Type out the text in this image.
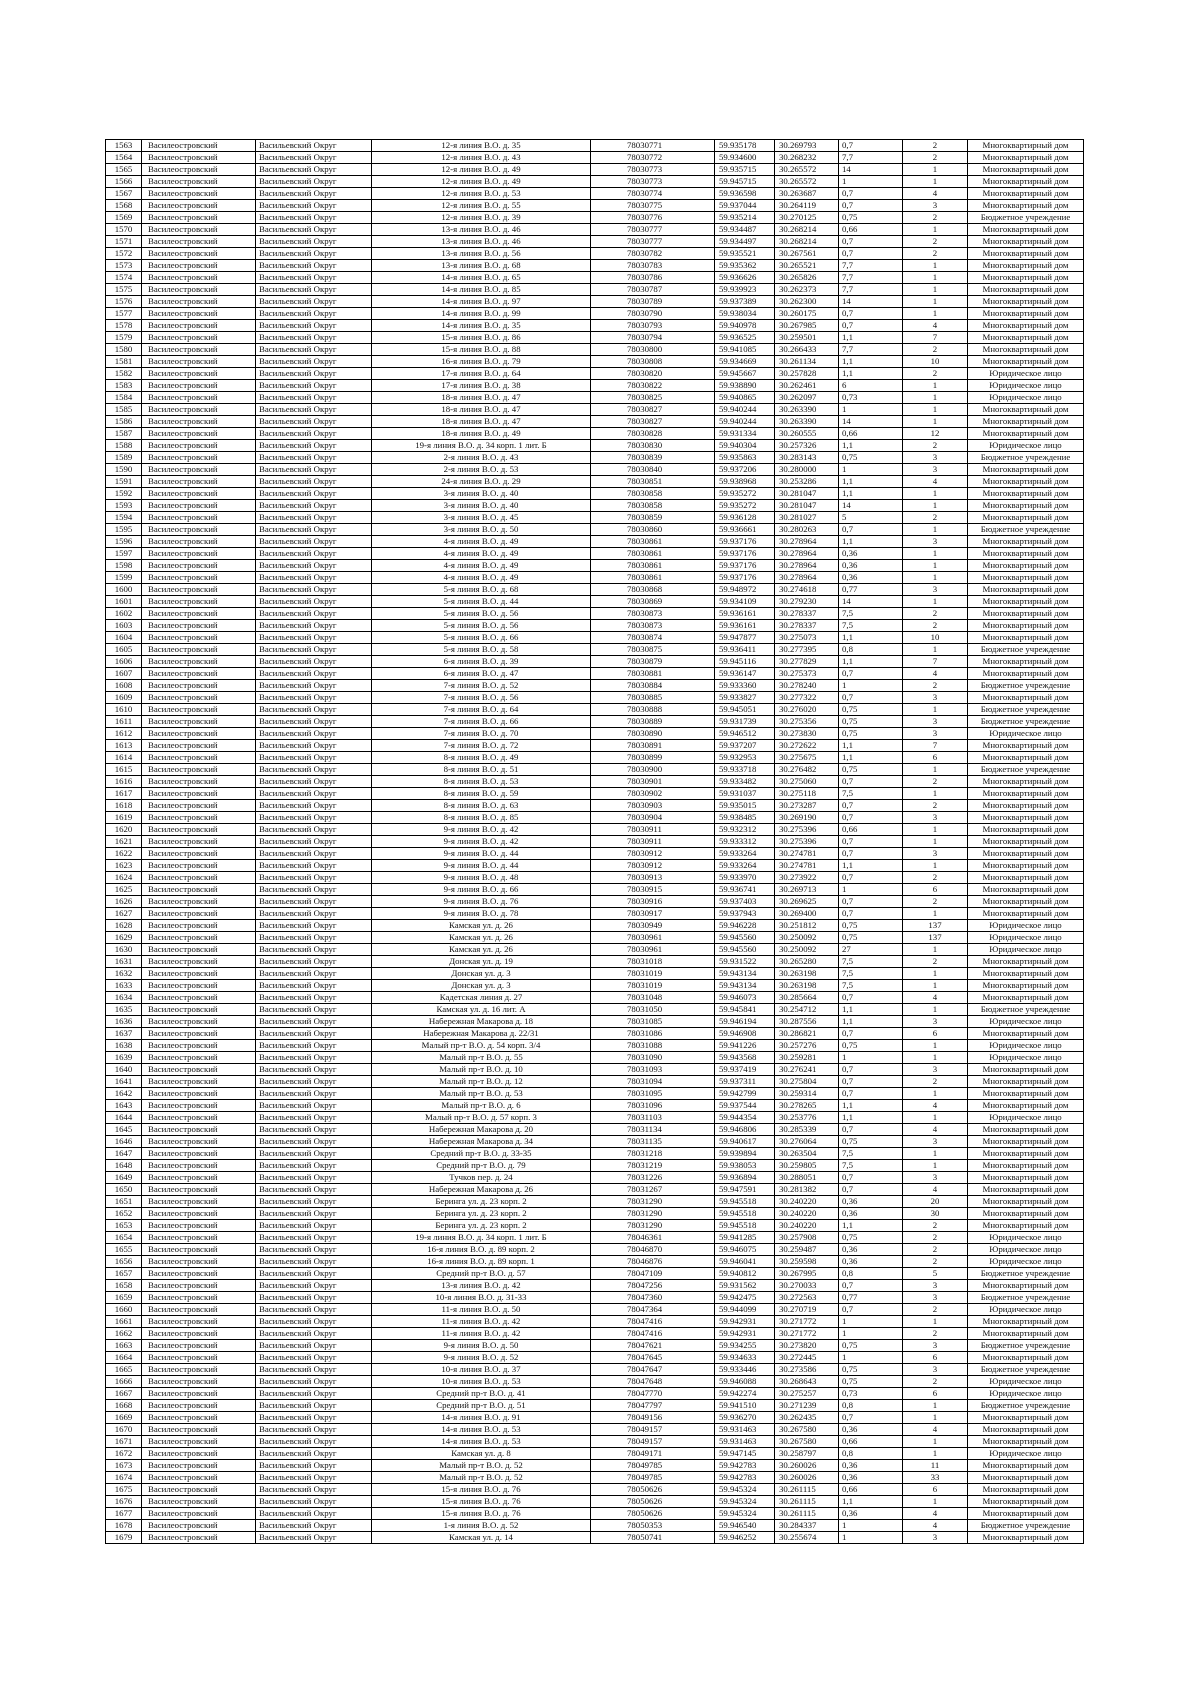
1563	Василеостровский	Васильевский Округ	12-я линия В.О. д. 35	78030771	59.935178	30.269793	0,7	2	Многоквартирный дом
1564	Василеостровский	Васильевский Округ	12-я линия В.О. д. 43	78030772	59.934600	30.268232	7,7	2	Многоквартирный дом
1565	Василеостровский	Васильевский Округ	12-я линия В.О. д. 49	78030773	59.935715	30.265572	14	1	Многоквартирный дом
1566	Василеостровский	Васильевский Округ	12-я линия В.О. д. 49	78030773	59.945715	30.265572	1	1	Многоквартирный дом
1567	Василеостровский	Васильевский Округ	12-я линия В.О. д. 53	78030774	59.936598	30.263687	0,7	4	Многоквартирный дом
1568	Василеостровский	Васильевский Округ	12-я линия В.О. д. 55	78030775	59.937044	30.264119	0,7	3	Многоквартирный дом
1569	Василеостровский	Васильевский Округ	12-я линия В.О. д. 39	78030776	59.935214	30.270125	0,75	2	Бюджетное учреждение
1570	Василеостровский	Васильевский Округ	13-я линия В.О. д. 46	78030777	59.934487	30.268214	0,66	1	Многоквартирный дом
1571	Василеостровский	Васильевский Округ	13-я линия В.О. д. 46	78030777	59.934497	30.268214	0,7	2	Многоквартирный дом
1572	Василеостровский	Васильевский Округ	13-я линия В.О. д. 56	78030782	59.935521	30.267561	0,7	2	Многоквартирный дом
1573	Василеостровский	Васильевский Округ	13-я линия В.О. д. 68	78030783	59.935362	30.265521	7,7	1	Многоквартирный дом
1574	Василеостровский	Васильевский Округ	14-я линия В.О. д. 65	78030786	59.936626	30.265826	7,7	1	Многоквартирный дом
1575	Василеостровский	Васильевский Округ	14-я линия В.О. д. 85	78030787	59.939923	30.262373	7,7	1	Многоквартирный дом
1576	Василеостровский	Васильевский Округ	14-я линия В.О. д. 97	78030789	59.937389	30.262300	14	1	Многоквартирный дом
1577	Василеостровский	Васильевский Округ	14-я линия В.О. д. 99	78030790	59.938034	30.260175	0,7	1	Многоквартирный дом
1578	Василеостровский	Васильевский Округ	14-я линия В.О. д. 35	78030793	59.940978	30.267985	0,7	4	Многоквартирный дом
1579	Василеостровский	Васильевский Округ	15-я линия В.О. д. 86	78030794	59.936525	30.259501	1,1	7	Многоквартирный дом
1580	Василеостровский	Васильевский Округ	15-я линия В.О. д. 88	78030800	59.941085	30.266433	7,7	2	Многоквартирный дом
1581	Василеостровский	Васильевский Округ	16-я линия В.О. д. 79	78030808	59.934669	30.261134	1,1	10	Многоквартирный дом
1582	Василеостровский	Васильевский Округ	17-я линия В.О. д. 64	78030820	59.945667	30.257828	1,1	2	Юридическое лицо
1583	Василеостровский	Васильевский Округ	17-я линия В.О. д. 38	78030822	59.938890	30.262461	6	1	Юридическое лицо
1584	Василеостровский	Васильевский Округ	18-я линия В.О. д. 47	78030825	59.940865	30.262097	0,73	1	Юридическое лицо
1585	Василеостровский	Васильевский Округ	18-я линия В.О. д. 47	78030827	59.940244	30.263390	1	1	Многоквартирный дом
1586	Василеостровский	Васильевский Округ	18-я линия В.О. д. 47	78030827	59.940244	30.263390	14	1	Многоквартирный дом
1587	Василеостровский	Васильевский Округ	18-я линия В.О. д. 49	78030828	59.931334	30.260555	0,66	12	Многоквартирный дом
1588	Василеостровский	Васильевский Округ	19-я линия В.О. д. 34 корп. 1 лит. Б	78030830	59.940304	30.257326	1,1	2	Юридическое лицо
1589	Василеостровский	Васильевский Округ	2-я линия В.О. д. 43	78030839	59.935863	30.283143	0,75	3	Бюджетное учреждение
1590	Василеостровский	Васильевский Округ	2-я линия В.О. д. 53	78030840	59.937206	30.280000	1	3	Многоквартирный дом
1591	Василеостровский	Васильевский Округ	24-я линия В.О. д. 29	78030851	59.938968	30.253286	1,1	4	Многоквартирный дом
1592	Василеостровский	Васильевский Округ	3-я линия В.О. д. 40	78030858	59.935272	30.281047	1,1	1	Многоквартирный дом
1593	Василеостровский	Васильевский Округ	3-я линия В.О. д. 40	78030858	59.935272	30.281047	14	1	Многоквартирный дом
1594	Василеостровский	Васильевский Округ	3-я линия В.О. д. 45	78030859	59.936128	30.281027	5	2	Многоквартирный дом
1595	Василеостровский	Васильевский Округ	3-я линия В.О. д. 50	78030860	59.936661	30.280263	0,7	1	Бюджетное учреждение
1596	Василеостровский	Васильевский Округ	4-я линия В.О. д. 49	78030861	59.937176	30.278964	1,1	3	Многоквартирный дом
1597	Василеостровский	Васильевский Округ	4-я линия В.О. д. 49	78030861	59.937176	30.278964	0,36	1	Многоквартирный дом
1598	Василеостровский	Васильевский Округ	4-я линия В.О. д. 49	78030861	59.937176	30.278964	0,36	1	Многоквартирный дом
1599	Василеостровский	Васильевский Округ	4-я линия В.О. д. 49	78030861	59.937176	30.278964	0,36	1	Многоквартирный дом
1600	Василеостровский	Васильевский Округ	5-я линия В.О. д. 68	78030868	59.948972	30.274618	0,77	3	Многоквартирный дом
1601	Василеостровский	Васильевский Округ	5-я линия В.О. д. 44	78030869	59.934109	30.279230	14	1	Многоквартирный дом
1602	Василеостровский	Васильевский Округ	5-я линия В.О. д. 56	78030873	59.936161	30.278337	7,5	2	Многоквартирный дом
1603	Василеостровский	Васильевский Округ	5-я линия В.О. д. 56	78030873	59.936161	30.278337	7,5	2	Многоквартирный дом
1604	Василеостровский	Васильевский Округ	5-я линия В.О. д. 66	78030874	59.947877	30.275073	1,1	10	Многоквартирный дом
1605	Василеостровский	Васильевский Округ	5-я линия В.О. д. 58	78030875	59.936411	30.277395	0,8	1	Бюджетное учреждение
1606	Василеостровский	Васильевский Округ	6-я линия В.О. д. 39	78030879	59.945116	30.277829	1,1	7	Многоквартирный дом
1607	Василеостровский	Васильевский Округ	6-я линия В.О. д. 47	78030881	59.936147	30.275373	0,7	4	Многоквартирный дом
1608	Василеостровский	Васильевский Округ	7-я линия В.О. д. 52	78030884	59.933360	30.278240	1	2	Бюджетное учреждение
1609	Василеостровский	Васильевский Округ	7-я линия В.О. д. 56	78030885	59.933827	30.277322	0,7	3	Многоквартирный дом
1610	Василеостровский	Васильевский Округ	7-я линия В.О. д. 64	78030888	59.945051	30.276020	0,75	1	Бюджетное учреждение
1611	Василеостровский	Васильевский Округ	7-я линия В.О. д. 66	78030889	59.931739	30.275356	0,75	3	Бюджетное учреждение
1612	Василеостровский	Васильевский Округ	7-я линия В.О. д. 70	78030890	59.946512	30.273830	0,75	3	Юридическое лицо
1613	Василеостровский	Васильевский Округ	7-я линия В.О. д. 72	78030891	59.937207	30.272622	1,1	7	Многоквартирный дом
1614	Василеостровский	Васильевский Округ	8-я линия В.О. д. 49	78030899	59.932953	30.275675	1,1	6	Многоквартирный дом
1615	Василеостровский	Васильевский Округ	8-я линия В.О. д. 51	78030900	59.933718	30.276482	0,75	1	Бюджетное учреждение
1616	Василеостровский	Васильевский Округ	8-я линия В.О. д. 53	78030901	59.933482	30.275060	0,7	2	Многоквартирный дом
1617	Василеостровский	Васильевский Округ	8-я линия В.О. д. 59	78030902	59.931037	30.275118	7,5	1	Многоквартирный дом
1618	Василеостровский	Васильевский Округ	8-я линия В.О. д. 63	78030903	59.935015	30.273287	0,7	2	Многоквартирный дом
1619	Василеостровский	Васильевский Округ	8-я линия В.О. д. 85	78030904	59.938485	30.269190	0,7	3	Многоквартирный дом
1620	Василеостровский	Васильевский Округ	9-я линия В.О. д. 42	78030911	59.932312	30.275396	0,66	1	Многоквартирный дом
1621	Василеостровский	Васильевский Округ	9-я линия В.О. д. 42	78030911	59.933312	30.275396	0,7	1	Многоквартирный дом
1622	Василеостровский	Васильевский Округ	9-я линия В.О. д. 44	78030912	59.933264	30.274781	0,7	3	Многоквартирный дом
1623	Василеостровский	Васильевский Округ	9-я линия В.О. д. 44	78030912	59.933264	30.274781	1,1	1	Многоквартирный дом
1624	Василеостровский	Васильевский Округ	9-я линия В.О. д. 48	78030913	59.933970	30.273922	0,7	2	Многоквартирный дом
1625	Василеостровский	Васильевский Округ	9-я линия В.О. д. 66	78030915	59.936741	30.269713	1	6	Многоквартирный дом
1626	Василеостровский	Васильевский Округ	9-я линия В.О. д. 76	78030916	59.937403	30.269625	0,7	2	Многоквартирный дом
1627	Василеостровский	Васильевский Округ	9-я линия В.О. д. 78	78030917	59.937943	30.269400	0,7	1	Многоквартирный дом
1628	Василеостровский	Васильевский Округ	Камская ул. д. 26	78030949	59.946228	30.251812	0,75	137	Юридическое лицо
1629	Василеостровский	Васильевский Округ	Камская ул. д. 26	78030961	59.945560	30.250092	0,75	137	Юридическое лицо
1630	Василеостровский	Васильевский Округ	Камская ул. д. 26	78030961	59.945560	30.250092	27	1	Юридическое лицо
1631	Василеостровский	Васильевский Округ	Донская ул. д. 19	78031018	59.931522	30.265280	7,5	2	Многоквартирный дом
1632	Василеостровский	Васильевский Округ	Донская ул. д. 3	78031019	59.943134	30.263198	7,5	1	Многоквартирный дом
1633	Василеостровский	Васильевский Округ	Донская ул. д. 3	78031019	59.943134	30.263198	7,5	1	Многоквартирный дом
1634	Василеостровский	Васильевский Округ	Кадетская линия д. 27	78031048	59.946073	30.285664	0,7	4	Многоквартирный дом
1635	Василеостровский	Васильевский Округ	Камская ул. д. 16 лит. А	78031050	59.945841	30.254712	1,1	1	Бюджетное учреждение
1636	Василеостровский	Васильевский Округ	Набережная Макарова д. 18	78031085	59.946194	30.287556	1,1	3	Юридическое лицо
1637	Василеостровский	Васильевский Округ	Набережная Макарова д. 22/31	78031086	59.946908	30.286821	0,7	6	Многоквартирный дом
1638	Василеостровский	Васильевский Округ	Малый пр-т В.О. д. 54 корп. 3/4	78031088	59.941226	30.257276	0,75	1	Юридическое лицо
1639	Василеостровский	Васильевский Округ	Малый пр-т В.О. д. 55	78031090	59.943568	30.259281	1	1	Юридическое лицо
1640	Василеостровский	Васильевский Округ	Малый пр-т В.О. д. 10	78031093	59.937419	30.276241	0,7	3	Многоквартирный дом
1641	Василеостровский	Васильевский Округ	Малый пр-т В.О. д. 12	78031094	59.937311	30.275804	0,7	2	Многоквартирный дом
1642	Василеостровский	Васильевский Округ	Малый пр-т В.О. д. 53	78031095	59.942799	30.259314	0,7	1	Многоквартирный дом
1643	Василеостровский	Васильевский Округ	Малый пр-т В.О. д. 6	78031096	59.937544	30.278265	1,1	4	Многоквартирный дом
1644	Василеостровский	Васильевский Округ	Малый пр-т В.О. д. 57 корп. 3	78031103	59.944354	30.253776	1,1	1	Юридическое лицо
1645	Василеостровский	Васильевский Округ	Набережная Макарова д. 20	78031134	59.946806	30.285339	0,7	4	Многоквартирный дом
1646	Василеостровский	Васильевский Округ	Набережная Макарова д. 34	78031135	59.940617	30.276064	0,75	3	Многоквартирный дом
1647	Василеостровский	Васильевский Округ	Средний пр-т В.О. д. 33-35	78031218	59.939894	30.263504	7,5	1	Многоквартирный дом
1648	Василеостровский	Васильевский Округ	Средний пр-т В.О. д. 79	78031219	59.938053	30.259805	7,5	1	Многоквартирный дом
1649	Василеостровский	Васильевский Округ	Тучков пер. д. 24	78031226	59.936894	30.288051	0,7	3	Многоквартирный дом
1650	Василеостровский	Васильевский Округ	Набережная Макарова д. 26	78031267	59.947591	30.281382	0,7	4	Многоквартирный дом
1651	Василеостровский	Васильевский Округ	Беринга ул. д. 23 корп. 2	78031290	59.945518	30.240220	0,36	20	Многоквартирный дом
1652	Василеостровский	Васильевский Округ	Беринга ул. д. 23 корп. 2	78031290	59.945518	30.240220	0,36	30	Многоквартирный дом
1653	Василеостровский	Васильевский Округ	Беринга ул. д. 23 корп. 2	78031290	59.945518	30.240220	1,1	2	Многоквартирный дом
1654	Василеостровский	Васильевский Округ	19-я линия В.О. д. 34 корп. 1 лит. Б	78046361	59.941285	30.257908	0,75	2	Юридическое лицо
1655	Василеостровский	Васильевский Округ	16-я линия В.О. д. 89 корп. 2	78046870	59.946075	30.259487	0,36	2	Юридическое лицо
1656	Василеостровский	Васильевский Округ	16-я линия В.О. д. 89 корп. 1	78046876	59.946041	30.259598	0,36	2	Юридическое лицо
1657	Василеостровский	Васильевский Округ	Средний пр-т В.О. д. 57	78047109	59.940812	30.267995	0,8	5	Бюджетное учреждение
1658	Василеостровский	Васильевский Округ	13-я линия В.О. д. 42	78047256	59.931562	30.270033	0,7	3	Многоквартирный дом
1659	Василеостровский	Васильевский Округ	10-я линия В.О. д. 31-33	78047360	59.942475	30.272563	0,77	3	Бюджетное учреждение
1660	Василеостровский	Васильевский Округ	11-я линия В.О. д. 50	78047364	59.944099	30.270719	0,7	2	Юридическое лицо
1661	Василеостровский	Васильевский Округ	11-я линия В.О. д. 42	78047416	59.942931	30.271772	1	1	Многоквартирный дом
1662	Василеостровский	Васильевский Округ	11-я линия В.О. д. 42	78047416	59.942931	30.271772	1	2	Многоквартирный дом
1663	Василеостровский	Васильевский Округ	9-я линия В.О. д. 50	78047621	59.934255	30.273820	0,75	3	Бюджетное учреждение
1664	Василеостровский	Васильевский Округ	9-я линия В.О. д. 52	78047645	59.934633	30.272445	1	6	Многоквартирный дом
1665	Василеостровский	Васильевский Округ	10-я линия В.О. д. 37	78047647	59.933446	30.273586	0,75	3	Бюджетное учреждение
1666	Василеостровский	Васильевский Округ	10-я линия В.О. д. 53	78047648	59.946088	30.268643	0,75	2	Юридическое лицо
1667	Василеостровский	Васильевский Округ	Средний пр-т В.О. д. 41	78047770	59.942274	30.275257	0,73	6	Юридическое лицо
1668	Василеостровский	Васильевский Округ	Средний пр-т В.О. д. 51	78047797	59.941510	30.271239	0,8	1	Бюджетное учреждение
1669	Василеостровский	Васильевский Округ	14-я линия В.О. д. 91	78049156	59.936270	30.262435	0,7	1	Многоквартирный дом
1670	Василеостровский	Васильевский Округ	14-я линия В.О. д. 53	78049157	59.931463	30.267580	0,36	4	Многоквартирный дом
1671	Василеостровский	Васильевский Округ	14-я линия В.О. д. 53	78049157	59.931463	30.267580	0,66	1	Многоквартирный дом
1672	Василеостровский	Васильевский Округ	Камская ул. д. 8	78049171	59.947145	30.258797	0,8	1	Юридическое лицо
1673	Василеостровский	Васильевский Округ	Малый пр-т В.О. д. 52	78049785	59.942783	30.260026	0,36	11	Многоквартирный дом
1674	Василеостровский	Васильевский Округ	Малый пр-т В.О. д. 52	78049785	59.942783	30.260026	0,36	33	Многоквартирный дом
1675	Василеостровский	Васильевский Округ	15-я линия В.О. д. 76	78050626	59.945324	30.261115	0,66	6	Многоквартирный дом
1676	Василеостровский	Васильевский Округ	15-я линия В.О. д. 76	78050626	59.945324	30.261115	1,1	1	Многоквартирный дом
1677	Василеостровский	Васильевский Округ	15-я линия В.О. д. 76	78050626	59.945324	30.261115	0,36	4	Многоквартирный дом
1678	Василеостровский	Васильевский Округ	1-я линия В.О. д. 52	78050353	59.946540	30.284337	1	4	Бюджетное учреждение
1679	Василеостровский	Васильевский Округ	Камская ул. д. 14	78050741	59.946252	30.255674	1	3	Многоквартирный дом
